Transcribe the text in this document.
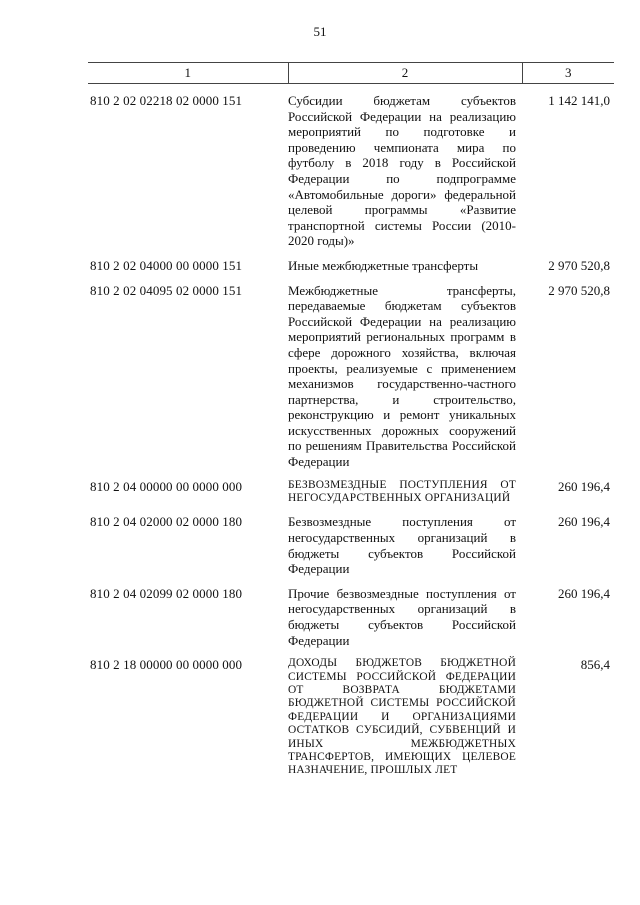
51
1	2	3

810 2 02 02218 02 0000 151	Субсидии бюджетам субъектов Российской Федерации на реализацию мероприятий по подготовке и проведению чемпионата мира по футболу в 2018 году в Российской Федерации по подпрограмме «Автомобильные дороги» федеральной целевой программы «Развитие транспортной системы России (2010-2020 годы)»	1 142 141,0

810 2 02 04000 00 0000 151	Иные межбюджетные трансферты	2 970 520,8

810 2 02 04095 02 0000 151	Межбюджетные трансферты, передаваемые бюджетам субъектов Российской Федерации на реализацию мероприятий региональных программ в сфере дорожного хозяйства, включая проекты, реализуемые с применением механизмов государственно-частного партнерства, и строительство, реконструкцию и ремонт уникальных искусственных дорожных сооружений по решениям Правительства Российской Федерации	2 970 520,8

810 2 04 00000 00 0000 000	БЕЗВОЗМЕЗДНЫЕ ПОСТУПЛЕНИЯ ОТ НЕГОСУДАРСТВЕННЫХ ОРГАНИЗАЦИЙ	260 196,4

810 2 04 02000 02 0000 180	Безвозмездные поступления от негосударственных организаций в бюджеты субъектов Российской Федерации	260 196,4

810 2 04 02099 02 0000 180	Прочие безвозмездные поступления от негосударственных организаций в бюджеты субъектов Российской Федерации	260 196,4

810 2 18 00000 00 0000 000	ДОХОДЫ БЮДЖЕТОВ БЮДЖЕТНОЙ СИСТЕМЫ РОССИЙСКОЙ ФЕДЕРАЦИИ ОТ ВОЗВРАТА БЮДЖЕТАМИ БЮДЖЕТНОЙ СИСТЕМЫ РОССИЙСКОЙ ФЕДЕРАЦИИ И ОРГАНИЗАЦИЯМИ ОСТАТКОВ СУБСИДИЙ, СУБВЕНЦИЙ И ИНЫХ МЕЖБЮДЖЕТНЫХ ТРАНСФЕРТОВ, ИМЕЮЩИХ ЦЕЛЕВОЕ НАЗНАЧЕНИЕ, ПРОШЛЫХ ЛЕТ	856,4
